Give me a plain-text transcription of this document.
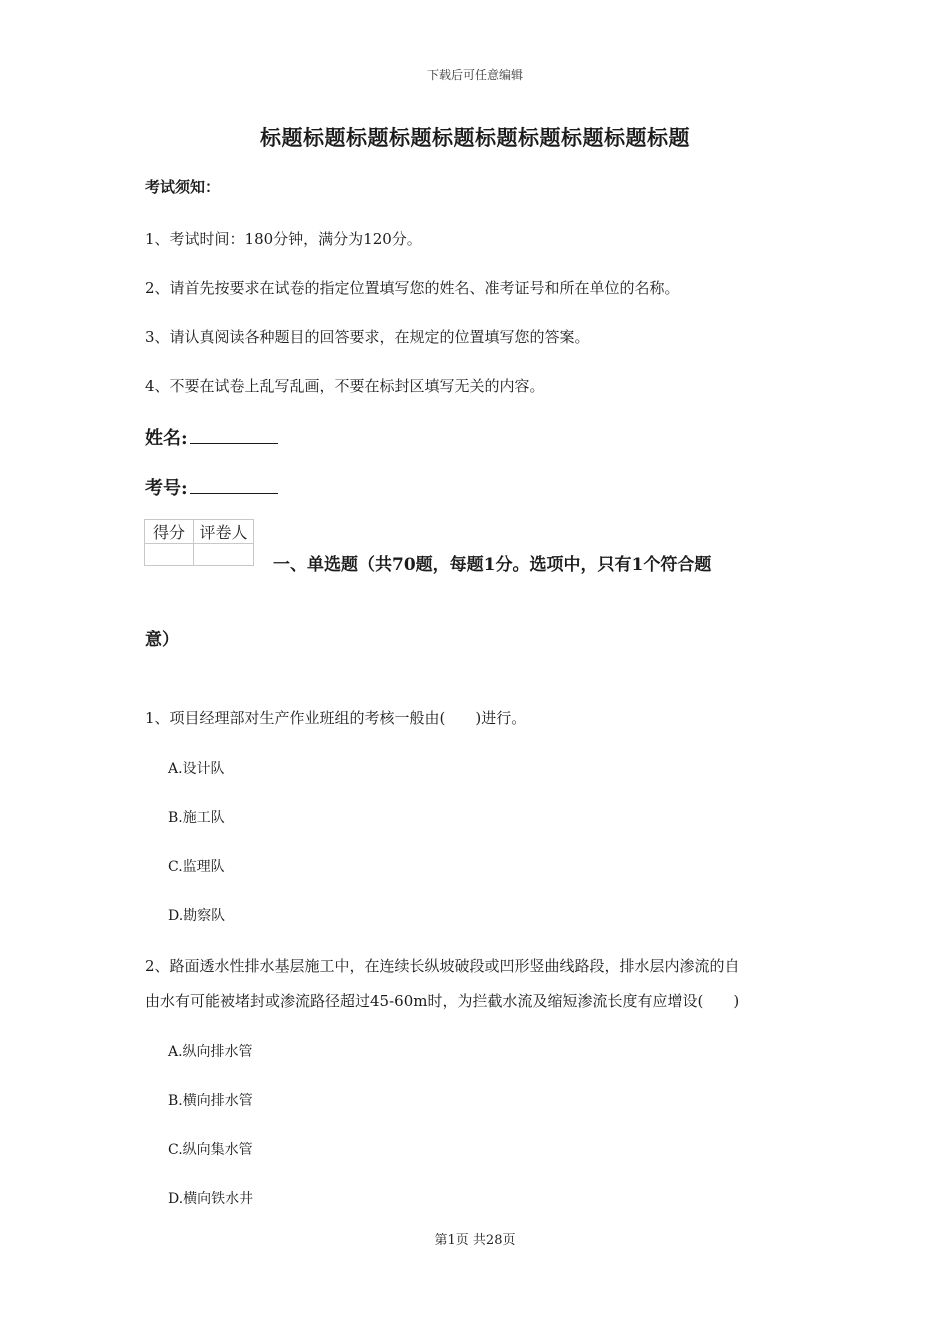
下载后可任意编辑
标题标题标题标题标题标题标题标题标题标题
考试须知：
1、考试时间：180分钟，满分为120分。
2、请首先按要求在试卷的指定位置填写您的姓名、准考证号和所在单位的名称。
3、请认真阅读各种题目的回答要求，在规定的位置填写您的答案。
4、不要在试卷上乱写乱画，不要在标封区填写无关的内容。
姓名:
考号:
得分	评卷人

一、单选题（共70题，每题1分。选项中，只有1个符合题
意）
1、项目经理部对生产作业班组的考核一般由(　　)进行。
A.设计队
B.施工队
C.监理队
D.勘察队
2、路面透水性排水基层施工中，在连续长纵坡破段或凹形竖曲线路段，排水层内渗流的自
由水有可能被堵封或渗流路径超过45-60m时，为拦截水流及缩短渗流长度有应增设(　　)
A.纵向排水管
B.横向排水管
C.纵向集水管
D.横向铁水井
第1页 共28页
